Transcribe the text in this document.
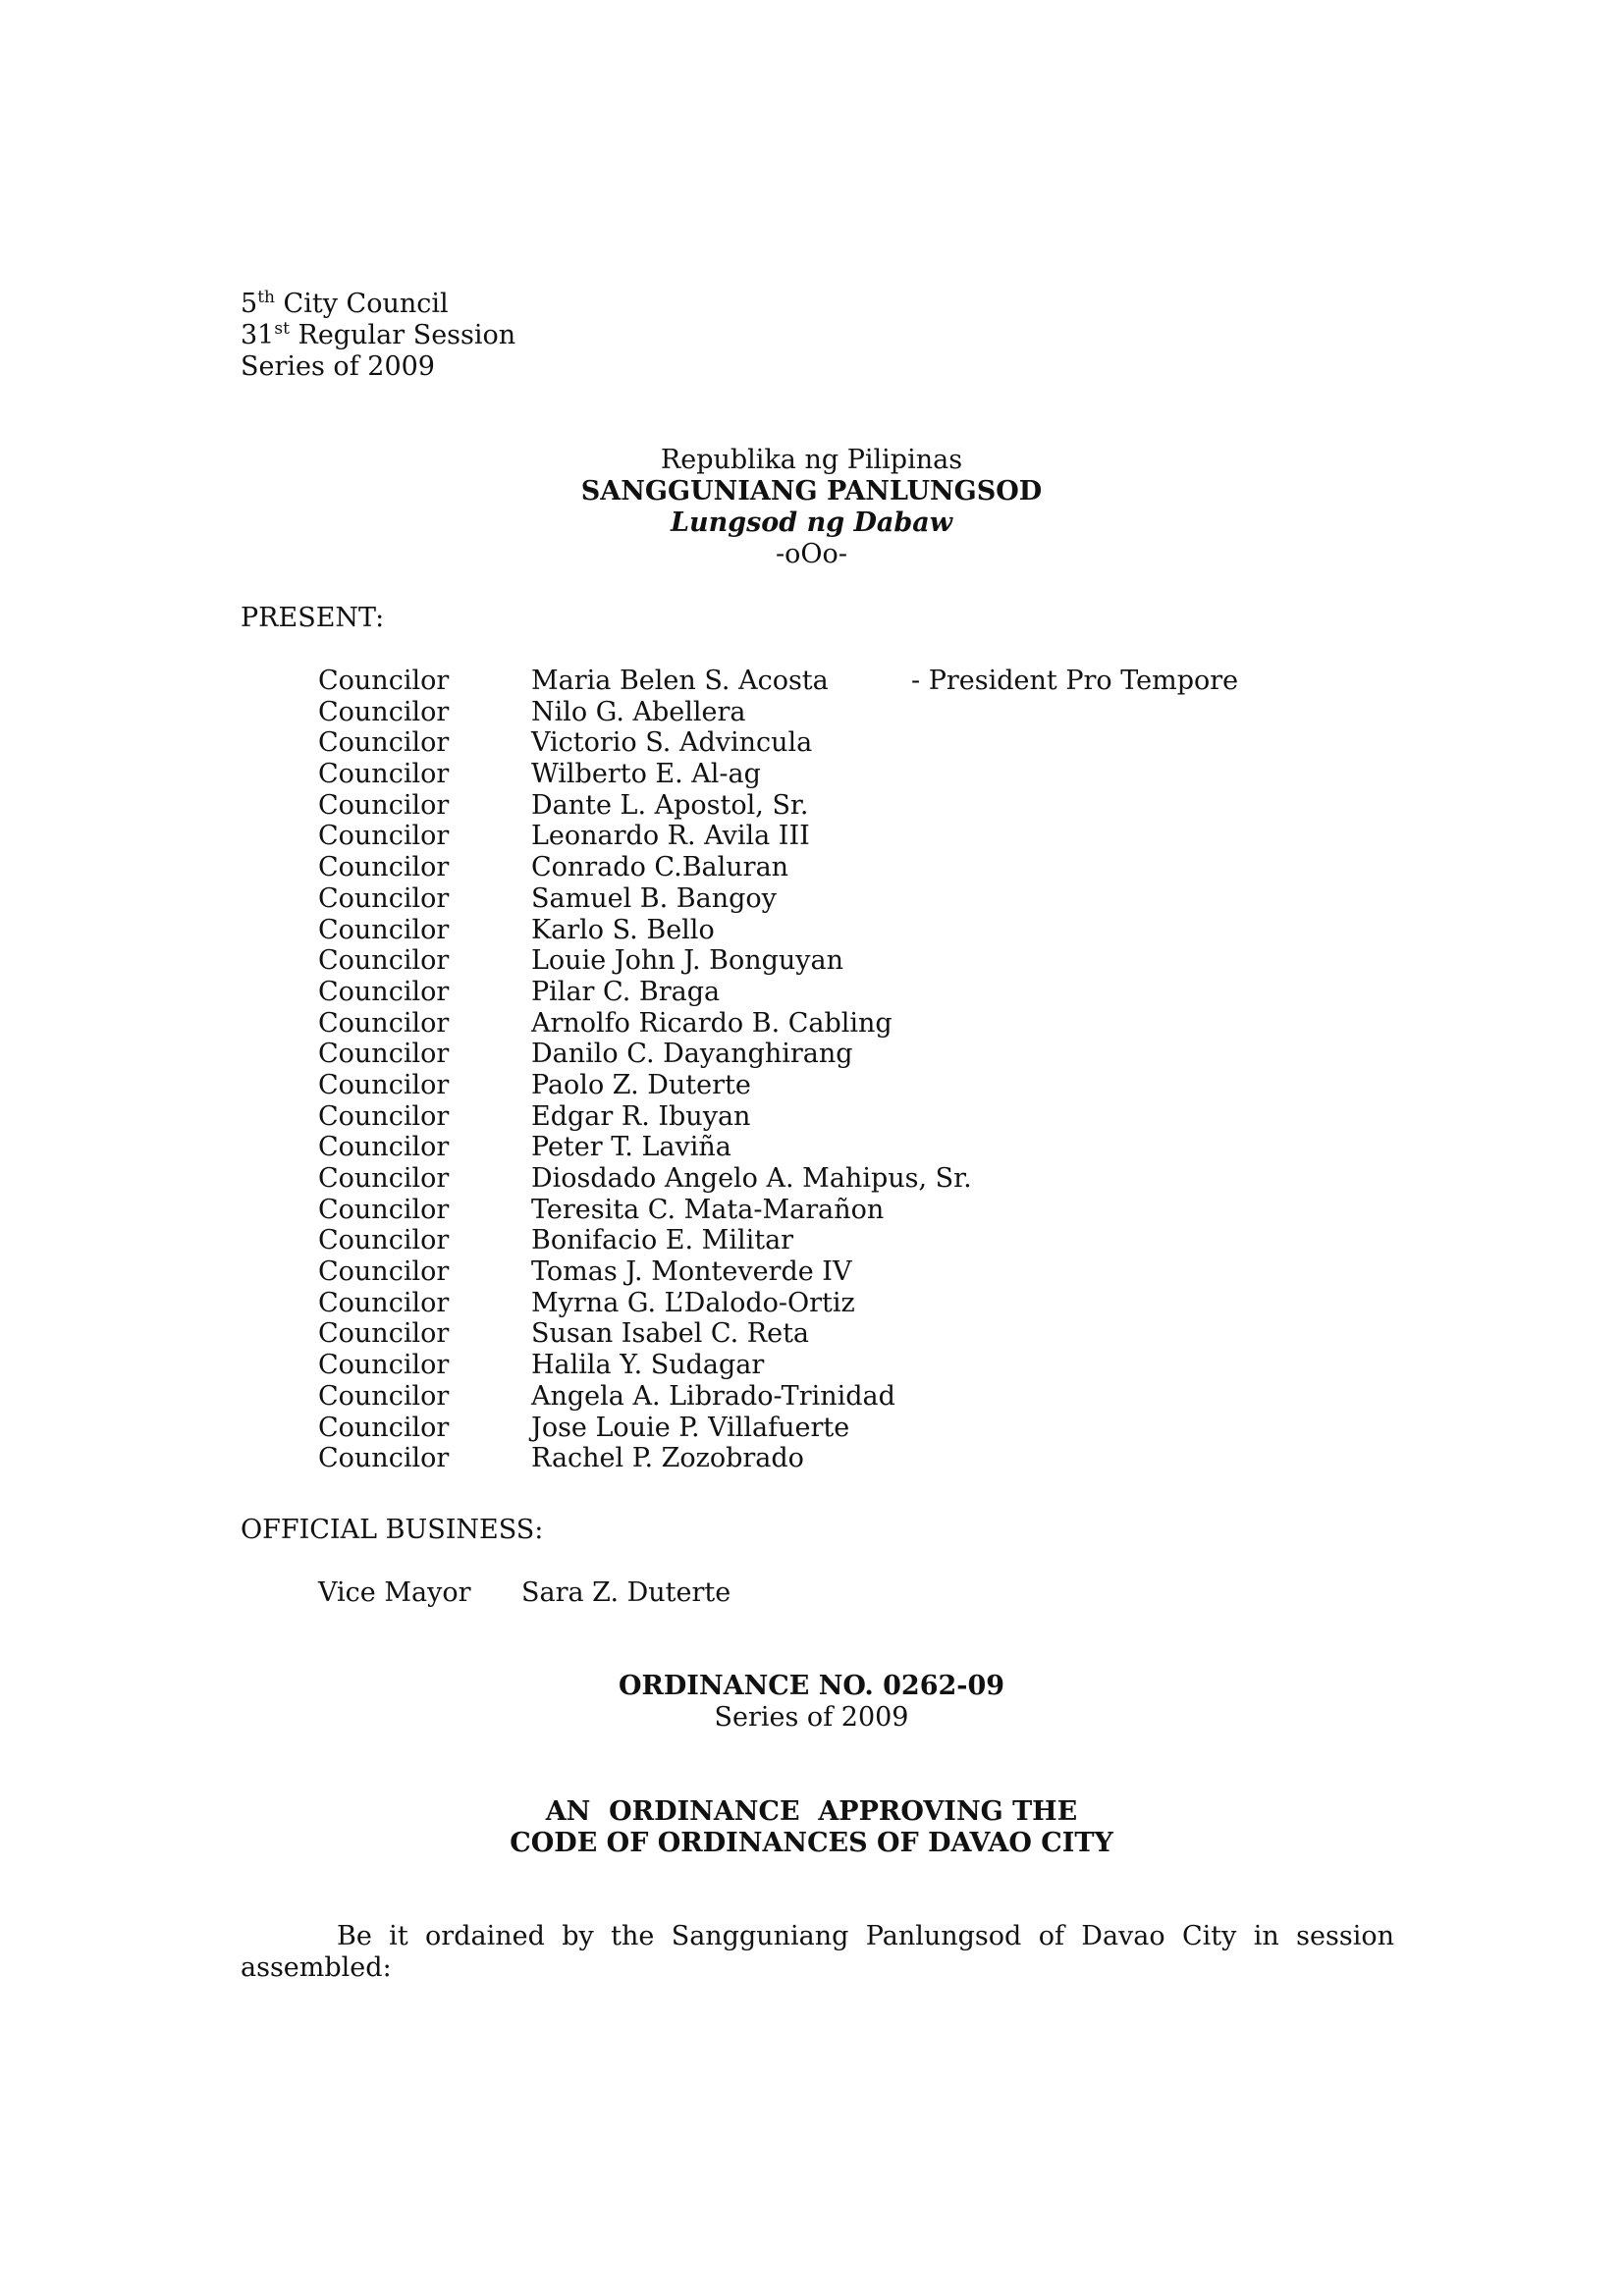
5th City Council
31st Regular Session
Series of 2009
Republika ng Pilipinas
SANGGUNIANG PANLUNGSOD
Lungsod ng Dabaw
-oOo-
PRESENT:
Councilor	Maria Belen S. Acosta	- President Pro Tempore
Councilor	Nilo G. Abellera
Councilor	Victorio S. Advincula
Councilor	Wilberto E. Al-ag
Councilor	Dante L. Apostol, Sr.
Councilor	Leonardo R. Avila III
Councilor	Conrado C.Baluran
Councilor	Samuel B. Bangoy
Councilor	Karlo S. Bello
Councilor	Louie John J. Bonguyan
Councilor	Pilar C. Braga
Councilor	Arnolfo Ricardo B. Cabling
Councilor	Danilo C. Dayanghirang
Councilor	Paolo Z. Duterte
Councilor	Edgar R. Ibuyan
Councilor	Peter T. Laviña
Councilor	Diosdado Angelo A. Mahipus, Sr.
Councilor	Teresita C. Mata-Marañon
Councilor	Bonifacio E. Militar
Councilor	Tomas J. Monteverde IV
Councilor	Myrna G. L’Dalodo-Ortiz
Councilor	Susan Isabel C. Reta
Councilor	Halila Y. Sudagar
Councilor	Angela A. Librado-Trinidad
Councilor	Jose Louie P. Villafuerte
Councilor	Rachel P. Zozobrado
OFFICIAL BUSINESS:
Vice Mayor Sara Z. Duterte
ORDINANCE NO. 0262-09
Series of 2009
AN  ORDINANCE  APPROVING THE
CODE OF ORDINANCES OF DAVAO CITY
Be it ordained by the Sangguniang Panlungsod of Davao City in session assembled:
